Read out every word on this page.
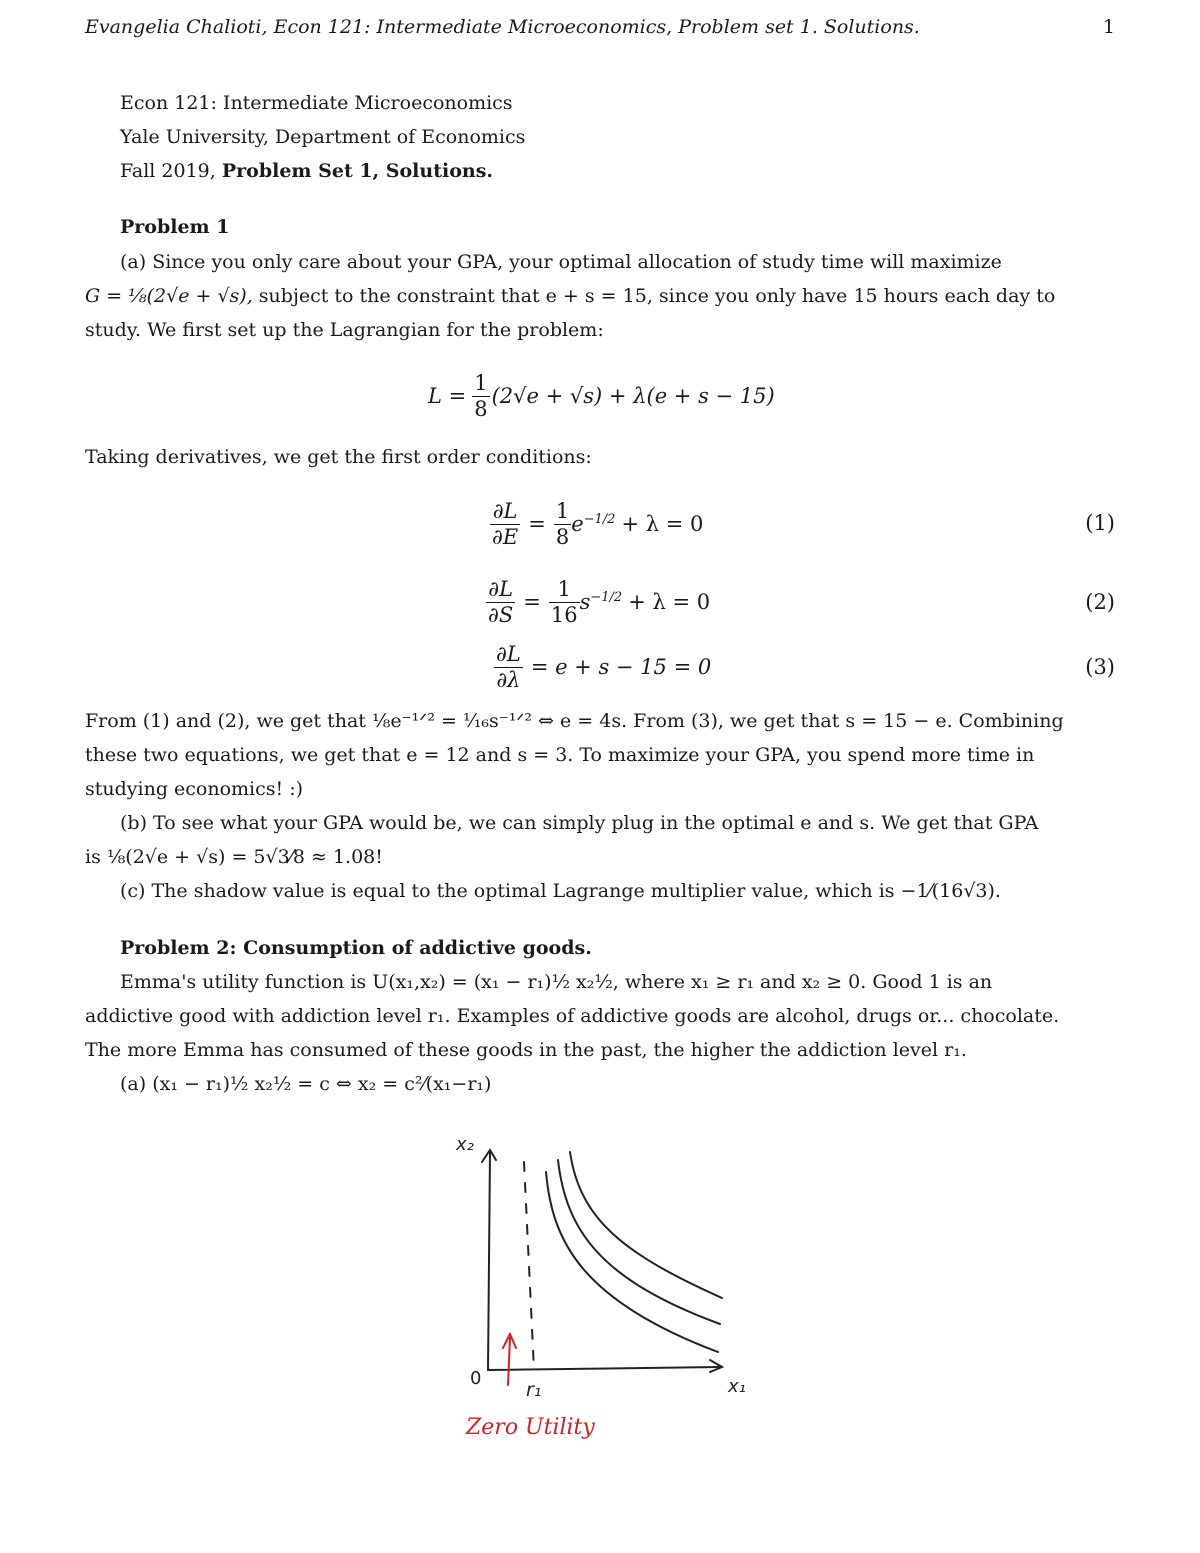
Evangelia Chalioti, Econ 121: Intermediate Microeconomics, Problem set 1. Solutions.	1
Econ 121: Intermediate Microeconomics
Yale University, Department of Economics
Fall 2019, Problem Set 1, Solutions.
Problem 1
(a) Since you only care about your GPA, your optimal allocation of study time will maximize
G = ⅛(2√e + √s), subject to the constraint that e + s = 15, since you only have 15 hours each day to
study. We first set up the Lagrangian for the problem:
$L = \frac{1}{8} (2√e + √s) + \lambda(e + s - 15)$
Taking derivatives, we get the first order conditions:
$\frac{\partial L}{\partial E} = \frac{1}{8} e^{-1/2} + \lambda = 0$	(1)
$\frac{\partial L}{\partial S} = \frac{1}{16} s^{-1/2} + \lambda = 0$	(2)
$\frac{\partial L}{\partial\lambda} = e + s - 15 = 0$	(3)
From (1) and (2), we get that ⅛e⁻¹ᐟ² = ¹⁄₁₆s⁻¹ᐟ² ⇔ e = 4s. From (3), we get that s = 15 − e. Combining
these two equations, we get that e = 12 and s = 3. To maximize your GPA, you spend more time in
studying economics! :)
(b) To see what your GPA would be, we can simply plug in the optimal e and s. We get that GPA
is ⅛(2√e + √s) = 5√3⁄8 ≈ 1.08!
(c) The shadow value is equal to the optimal Lagrange multiplier value, which is −1⁄(16√3).
Problem 2: Consumption of addictive goods.
Emma's utility function is U(x₁,x₂) = (x₁ − r₁)½ x₂½, where x₁ ≥ r₁ and x₂ ≥ 0. Good 1 is an
addictive good with addiction level r₁. Examples of addictive goods are alcohol, drugs or... chocolate.
The more Emma has consumed of these goods in the past, the higher the addiction level r₁.
(a) (x₁ − r₁)½ x₂½ = c ⇔ x₂ = c²⁄(x₁−r₁)
x₂
x₁
0
r₁
Zero Utility
